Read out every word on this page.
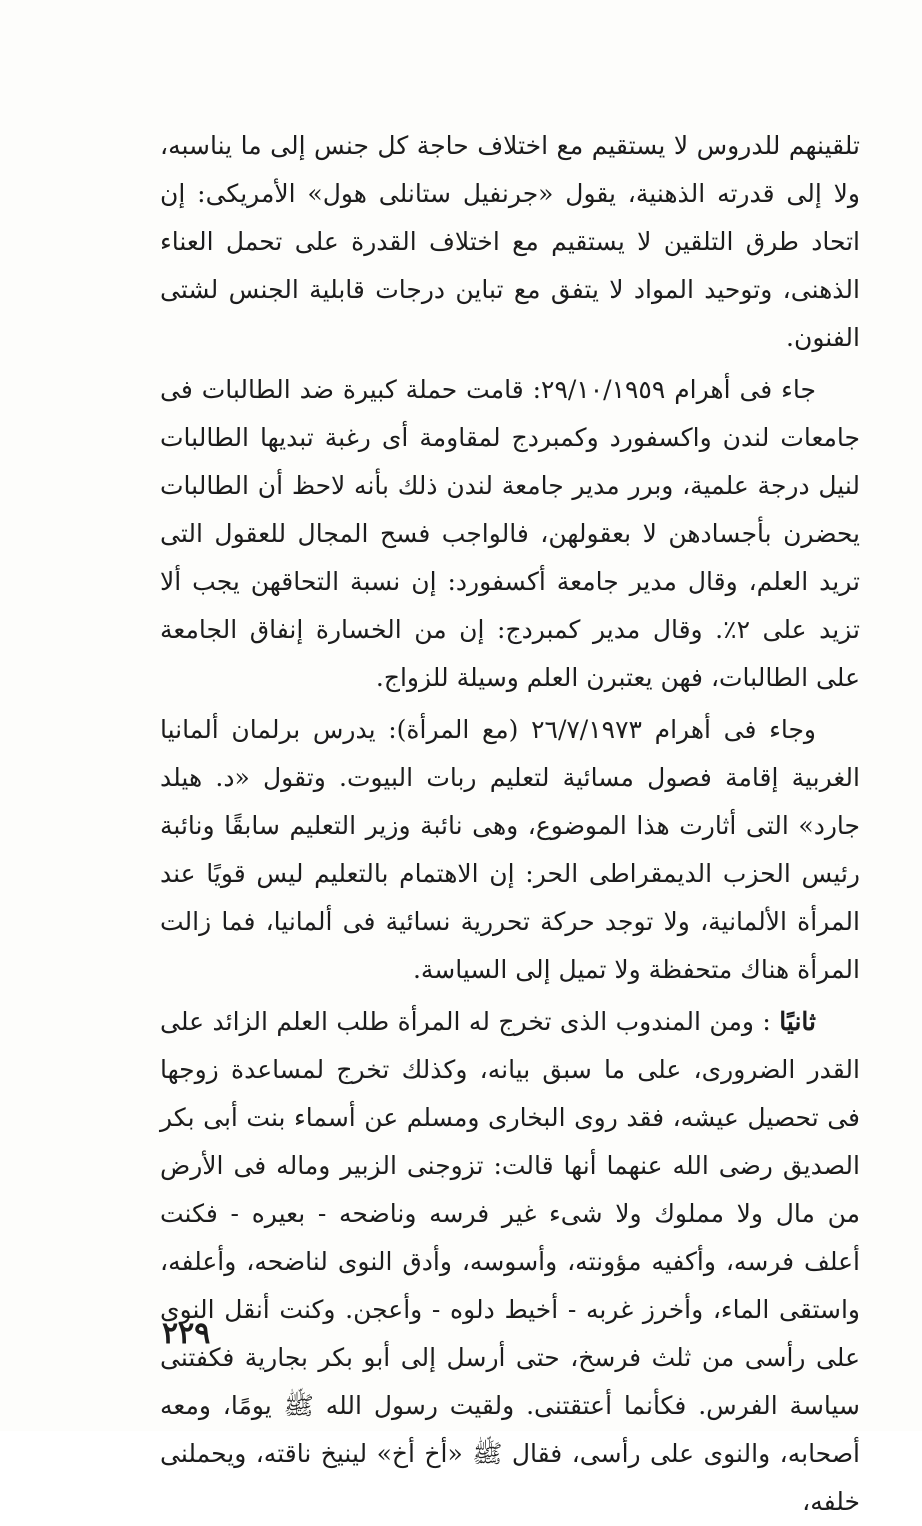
تلقينهم للدروس لا يستقيم مع اختلاف حاجة كل جنس إلى ما يناسبه، ولا إلى قدرته الذهنية، يقول «جرنفيل ستانلى هول» الأمريكى: إن اتحاد طرق التلقين لا يستقيم مع اختلاف القدرة على تحمل العناء الذهنى، وتوحيد المواد لا يتفق مع تباين درجات قابلية الجنس لشتى الفنون.

جاء فى أهرام ٢٩/١٠/١٩٥٩: قامت حملة كبيرة ضد الطالبات فى جامعات لندن واكسفورد وكمبردج لمقاومة أى رغبة تبديها الطالبات لنيل درجة علمية، وبرر مدير جامعة لندن ذلك بأنه لاحظ أن الطالبات يحضرن بأجسادهن لا بعقولهن، فالواجب فسح المجال للعقول التى تريد العلم، وقال مدير جامعة أكسفورد: إن نسبة التحاقهن يجب ألا تزيد على ٢٪. وقال مدير كمبردج: إن من الخسارة إنفاق الجامعة على الطالبات، فهن يعتبرن العلم وسيلة للزواج.

وجاء فى أهرام ٢٦/٧/١٩٧٣ (مع المرأة): يدرس برلمان ألمانيا الغربية إقامة فصول مسائية لتعليم ربات البيوت. وتقول «د. هيلد جارد» التى أثارت هذا الموضوع، وهى نائبة وزير التعليم سابقًا ونائبة رئيس الحزب الديمقراطى الحر: إن الاهتمام بالتعليم ليس قويًا عند المرأة الألمانية، ولا توجد حركة تحررية نسائية فى ألمانيا، فما زالت المرأة هناك متحفظة ولا تميل إلى السياسة.

ثانيًا : ومن المندوب الذى تخرج له المرأة طلب العلم الزائد على القدر الضرورى، على ما سبق بيانه، وكذلك تخرج لمساعدة زوجها فى تحصيل عيشه، فقد روى البخارى ومسلم عن أسماء بنت أبى بكر الصديق رضى الله عنهما أنها قالت: تزوجنى الزبير وماله فى الأرض من مال ولا مملوك ولا شىء غير فرسه وناضحه - بعيره - فكنت أعلف فرسه، وأكفيه مؤونته، وأسوسه، وأدق النوى لناضحه، وأعلفه، واستقى الماء، وأخرز غربه - أخيط دلوه - وأعجن. وكنت أنقل النوى على رأسى من ثلث فرسخ، حتى أرسل إلى أبو بكر بجارية فكفتنى سياسة الفرس. فكأنما أعتقتنى. ولقيت رسول الله ﷺ يومًا، ومعه أصحابه، والنوى على رأسى، فقال ﷺ «أخ أخ» لينيخ ناقته، ويحملنى خلفه،

٢٢٩
